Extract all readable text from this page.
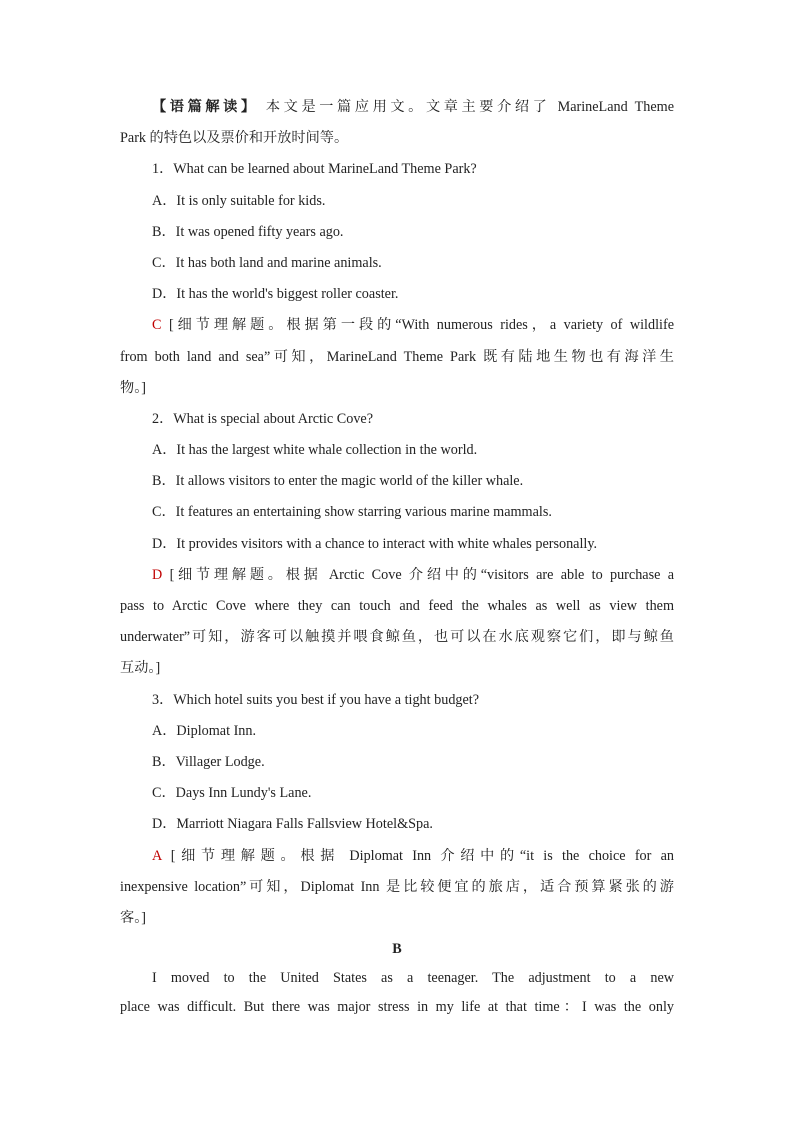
【语篇解读】 本文是一篇应用文。文章主要介绍了 MarineLand Theme
Park 的特色以及票价和开放时间等。
1．What can be learned about MarineLand Theme Park?
A．It is only suitable for kids.
B．It was opened fifty years ago.
C．It has both land and marine animals.
D．It has the world's biggest roller coaster.
C [细节理解题。根据第一段的“With numerous rides，a variety of wildlife
from both land and sea”可知，MarineLand Theme Park 既有陆地生物也有海洋生
物。]
2．What is special about Arctic Cove?
A．It has the largest white whale collection in the world.
B．It allows visitors to enter the magic world of the killer whale.
C．It features an entertaining show starring various marine mammals.
D．It provides visitors with a chance to interact with white whales personally.
D [细节理解题。根据 Arctic Cove 介绍中的“visitors are able to purchase a
pass to Arctic Cove where they can touch and feed the whales as well as view them
underwater”可知，游客可以触摸并喂食鲸鱼，也可以在水底观察它们，即与鲸鱼
互动。]
3．Which hotel suits you best if you have a tight budget?
A．Diplomat Inn.
B．Villager Lodge.
C．Days Inn Lundy's Lane.
D．Marriott Niagara Falls Fallsview Hotel&Spa.
A [细节理解题。根据 Diplomat Inn 介绍中的“it is the choice for an
inexpensive location”可知，Diplomat Inn 是比较便宜的旅店，适合预算紧张的游
客。]
B
I moved to the United States as a teenager. The adjustment to a new
place was difficult. But there was major stress in my life at that time：I was the only
